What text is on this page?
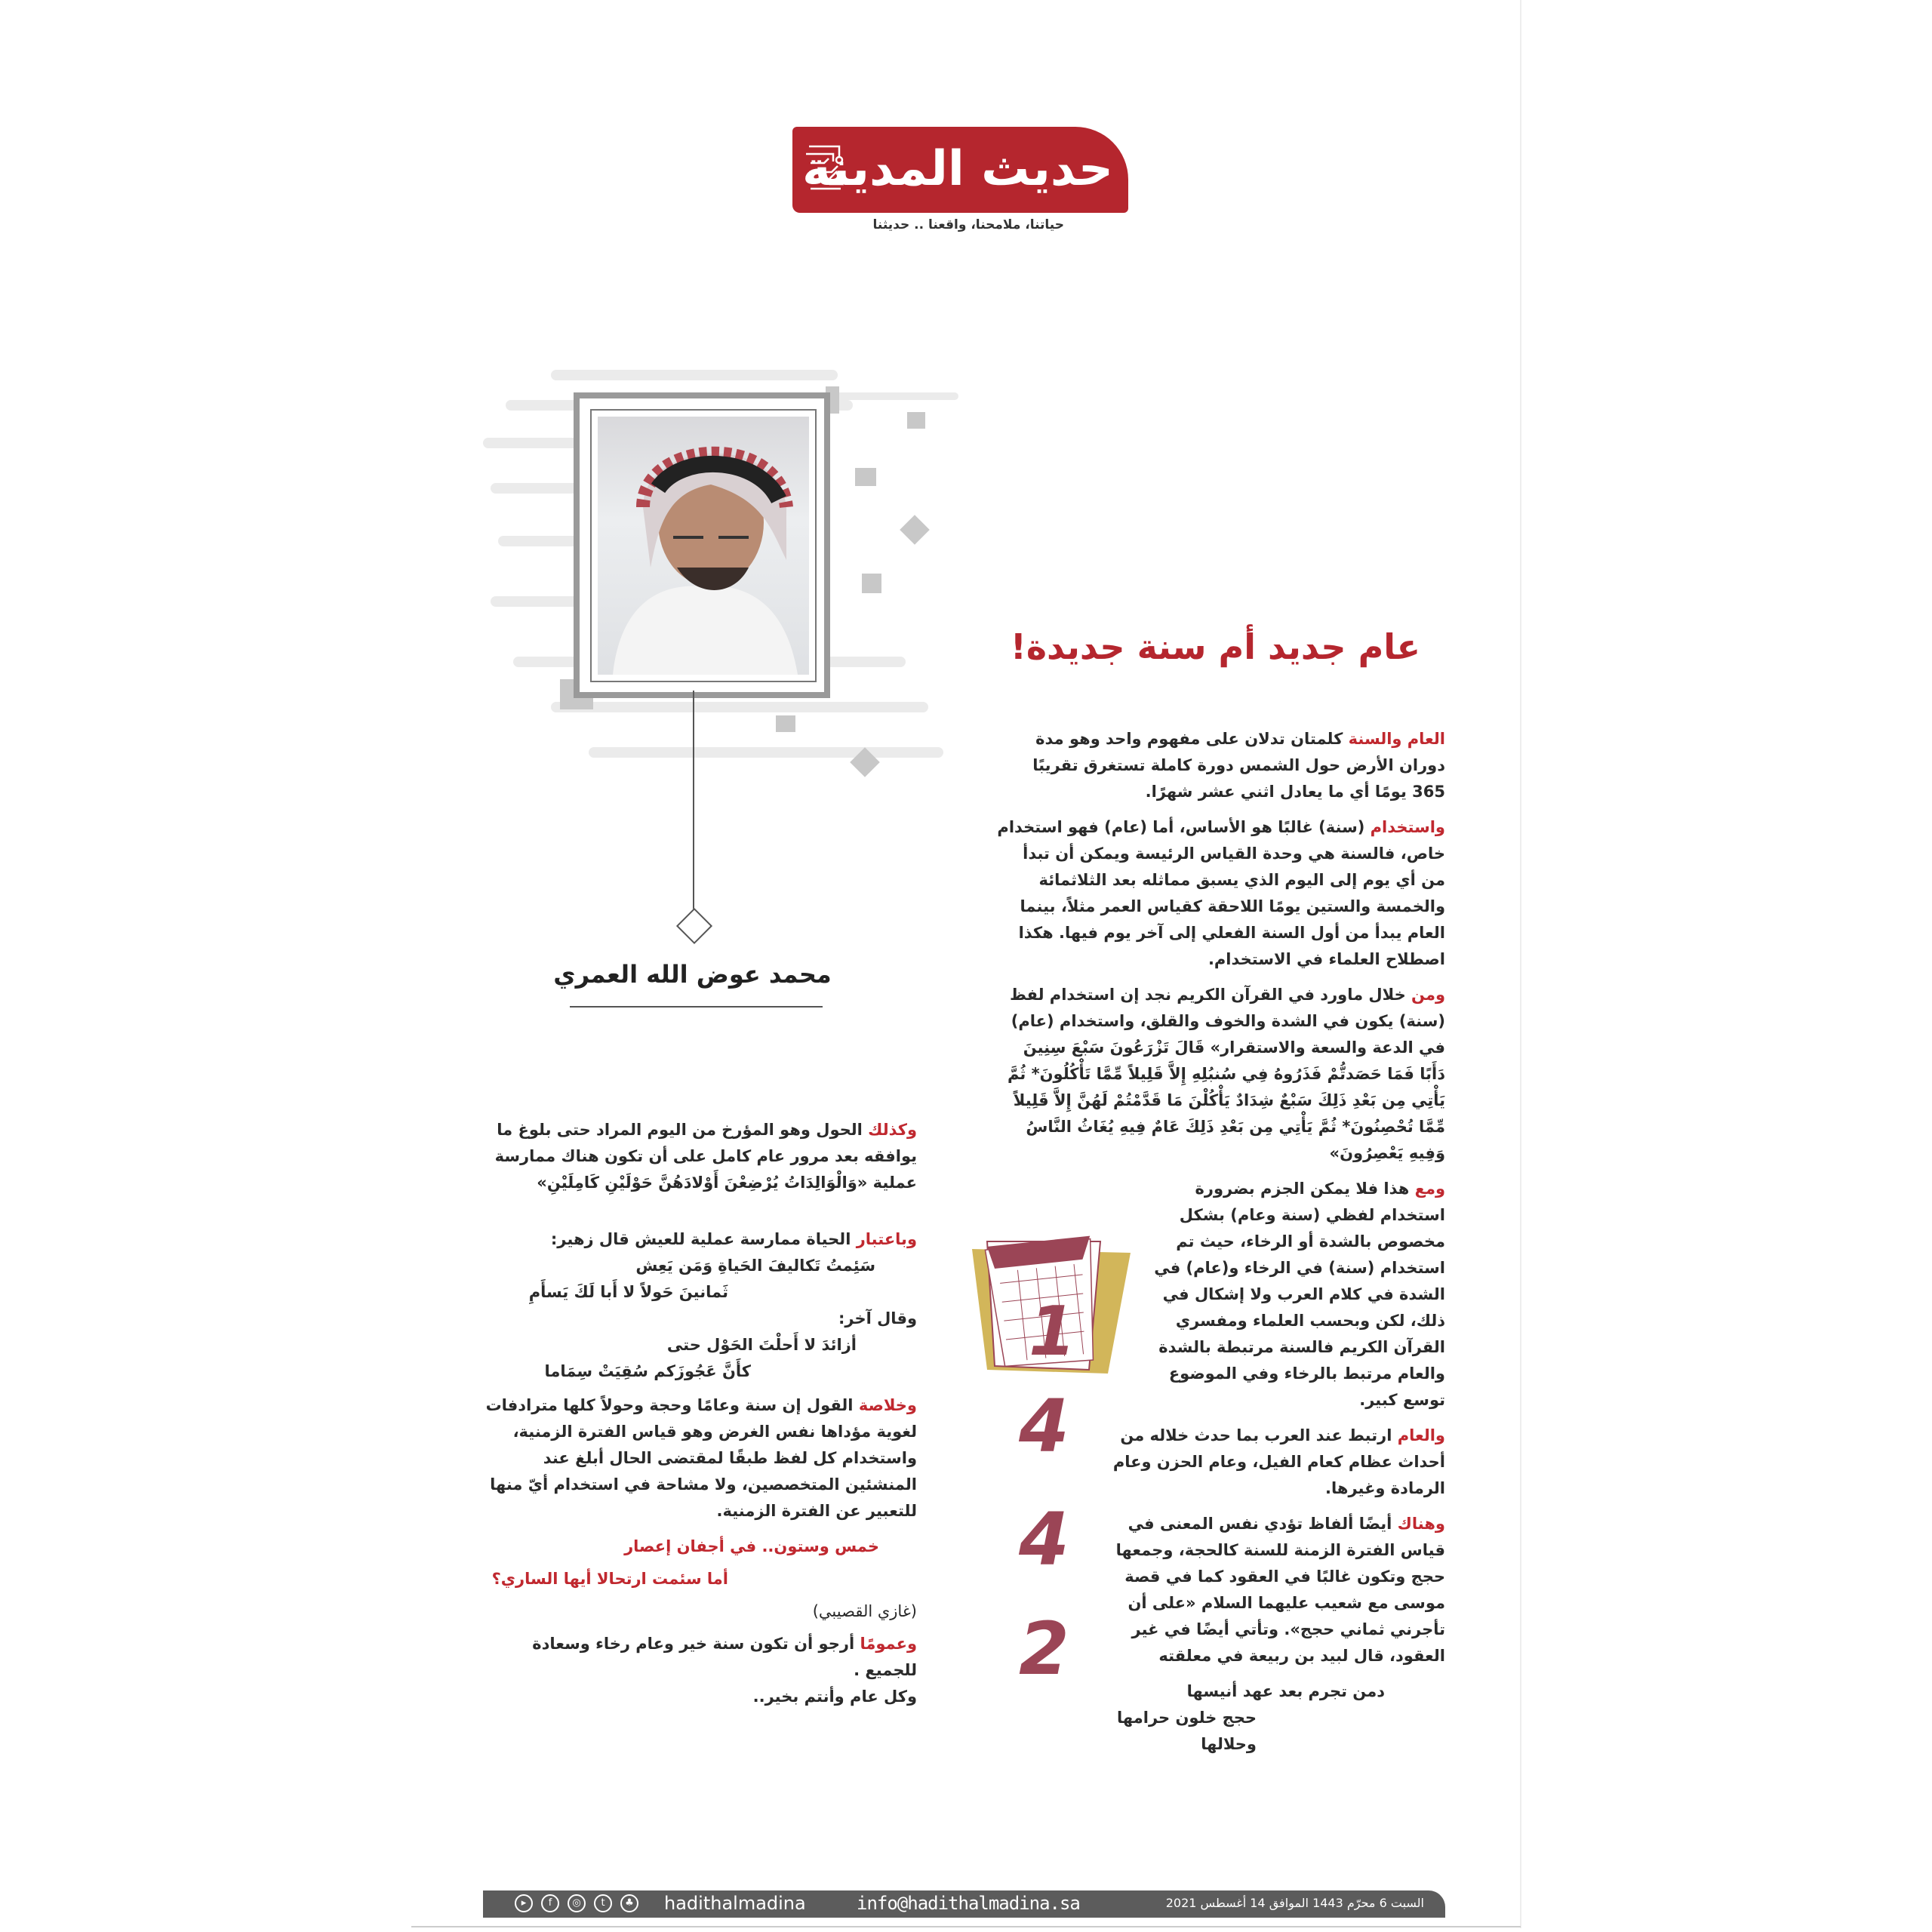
حديث المدينة
حياتنا، ملامحنا، واقعنا .. حديثنا
محمد عوض الله العمري
عام جديد أم سنة جديدة!
1
4
4
2

العام والسنة كلمتان تدلان على مفهوم واحد وهو مدة دوران الأرض حول الشمس دورة كاملة تستغرق تقريبًا 365 يومًا أي ما يعادل اثني عشر شهرًا.

واستخدام (سنة) غالبًا هو الأساس، أما (عام) فهو استخدام خاص، فالسنة هي وحدة القياس الرئيسة ويمكن أن تبدأ من أي يوم إلى اليوم الذي يسبق مماثله بعد الثلاثمائة والخمسة والستين يومًا اللاحقة كقياس العمر مثلاً، بينما العام يبدأ من أول السنة الفعلي إلى آخر يوم فيها. هكذا اصطلاح العلماء في الاستخدام.

ومن خلال ماورد في القرآن الكريم نجد إن استخدام لفظ (سنة) يكون في الشدة والخوف والقلق، واستخدام (عام) في الدعة والسعة والاستقرار» قَالَ تَزْرَعُونَ سَبْعَ سِنِينَ دَأَبًا فَمَا حَصَدتُّمْ فَذَرُوهُ فِي سُنبُلِهِ إِلاَّ قَلِيلاً مِّمَّا تَأْكُلُونَ* ثُمَّ يَأْتِي مِن بَعْدِ ذَلِكَ سَبْعٌ شِدَادٌ يَأْكُلْنَ مَا قَدَّمْتُمْ لَهُنَّ إِلاَّ قَلِيلاً مِّمَّا تُحْصِنُونَ* ثُمَّ يَأْتِي مِن بَعْدِ ذَلِكَ عَامٌ فِيهِ يُغَاثُ النَّاسُ وَفِيهِ يَعْصِرُونَ»

ومع هذا فلا يمكن الجزم بضرورة استخدام لفظي (سنة وعام) بشكل مخصوص بالشدة أو الرخاء، حيث تم استخدام (سنة) في الرخاء و(عام) في الشدة في كلام العرب ولا إشكال في ذلك، لكن وبحسب العلماء ومفسري القرآن الكريم فالسنة مرتبطة بالشدة والعام مرتبط بالرخاء وفي الموضوع توسع كبير.

والعام ارتبط عند العرب بما حدث خلاله من أحداث عظام كعام الفيل، وعام الحزن وعام الرمادة وغيرها.

وهناك أيضًا ألفاظ تؤدي نفس المعنى في قياس الفترة الزمنة للسنة كالحجة، وجمعها حجج وتكون غالبًا في العقود كما في قصة موسى مع شعيب عليهما السلام «على أن تأجرني ثماني حجج». وتأتي أيضًا في غير العقود، قال لبيد بن ربيعة في معلقته

دمن تجرم بعد عهد أنيسها
حجج خلون حرامها وحلالها

وكذلك الحول وهو المؤرخ من اليوم المراد حتى بلوغ ما يوافقه بعد مرور عام كامل على أن تكون هناك ممارسة عملية «وَالْوَالِدَاتُ يُرْضِعْنَ أَوْلادَهُنَّ حَوْلَيْنِ كَامِلَيْنِ»

وباعتبار الحياة ممارسة عملية للعيش قال زهير:

سَئِمتُ تَكاليفَ الحَياةِ وَمَن يَعِش
ثَمانينَ حَولاً لا أَبا لَكَ يَسأَمِ
وقال آخر:
أزائدَ لا أَحلْتَ الحَوْل حتى
كأَنَّ عَجُوزَكم سُقِيَتْ سِمَاما

وخلاصة القول إن سنة وعامًا وحجة وحولاً كلها مترادفات لغوية مؤداها نفس الغرض وهو قياس الفترة الزمنية، واستخدام كل لفظ طبقًا لمقتضى الحال أبلغ عند المنشئين المتخصصين، ولا مشاحة في استخدام أيّ منها للتعبير عن الفترة الزمنية.

خمس وستون.. في أجفان إعصار
أما سئمت ارتحالا أيها الساري؟
(غازي القصيبي)

وعمومًا أرجو أن تكون سنة خير وعام رخاء وسعادة للجميع .

وكل عام وأنتم بخير..
السبت 6 محرّم 1443 الموافق 14 أغسطس 2021
info@hadithalmadina.sa
hadithalmadina
▸	f	◎	t	♣
